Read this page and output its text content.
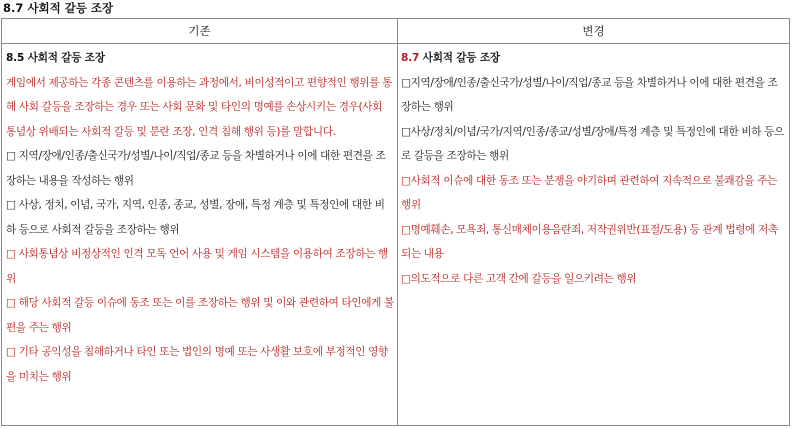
8.7 사회적 갈등 조장
기존	변경

8.5 사회적 갈등 조장

게임에서 제공하는 각종 콘텐츠를 이용하는 과정에서, 비이성적이고 편향적인 행위를 통해 사회 갈등을 조장하는 경우 또는 사회 문화 및 타인의 명예를 손상시키는 경우(사회 통념상 위배되는 사회적 갈등 및 분란 조장, 인격 침해 행위 등)를 말합니다.

□ 지역/장애/인종/출신국가/성별/나이/직업/종교 등을 차별하거나 이에 대한 편견을 조장하는 내용을 작성하는 행위

□ 사상, 정치, 이념, 국가, 지역, 인종, 종교, 성별, 장애, 특정 계층 및 특정인에 대한 비하 등으로 사회적 갈등을 조장하는 행위

□ 사회통념상 비정상적인 인격 모독 언어 사용 및 게임 시스템을 이용하여 조장하는 행위

□ 해당 사회적 갈등 이슈에 동조 또는 이를 조장하는 행위 및 이와 관련하여 타인에게 불편을 주는 행위

□ 기타 공익성을 침해하거나 타인 또는 법인의 명예 또는 사생활 보호에 부정적인 영향을 미치는 행위

8.7 사회적 갈등 조장

□지역/장애/인종/출신국가/성별/나이/직업/종교 등을 차별하거나 이에 대한 편견을 조장하는 행위

□사상/정치/이념/국가/지역/인종/종교/성별/장애/특정 계층 및 특정인에 대한 비하 등으로 갈등을 조장하는 행위

□사회적 이슈에 대한 동조 또는 분쟁을 야기하며 관련하여 지속적으로 불쾌감을 주는 행위

□명예훼손, 모욕죄, 통신매체이용음란죄, 저작권위반(표절/도용) 등 관계 법령에 저촉되는 내용

□의도적으로 다른 고객 간에 갈등을 일으키려는 행위
